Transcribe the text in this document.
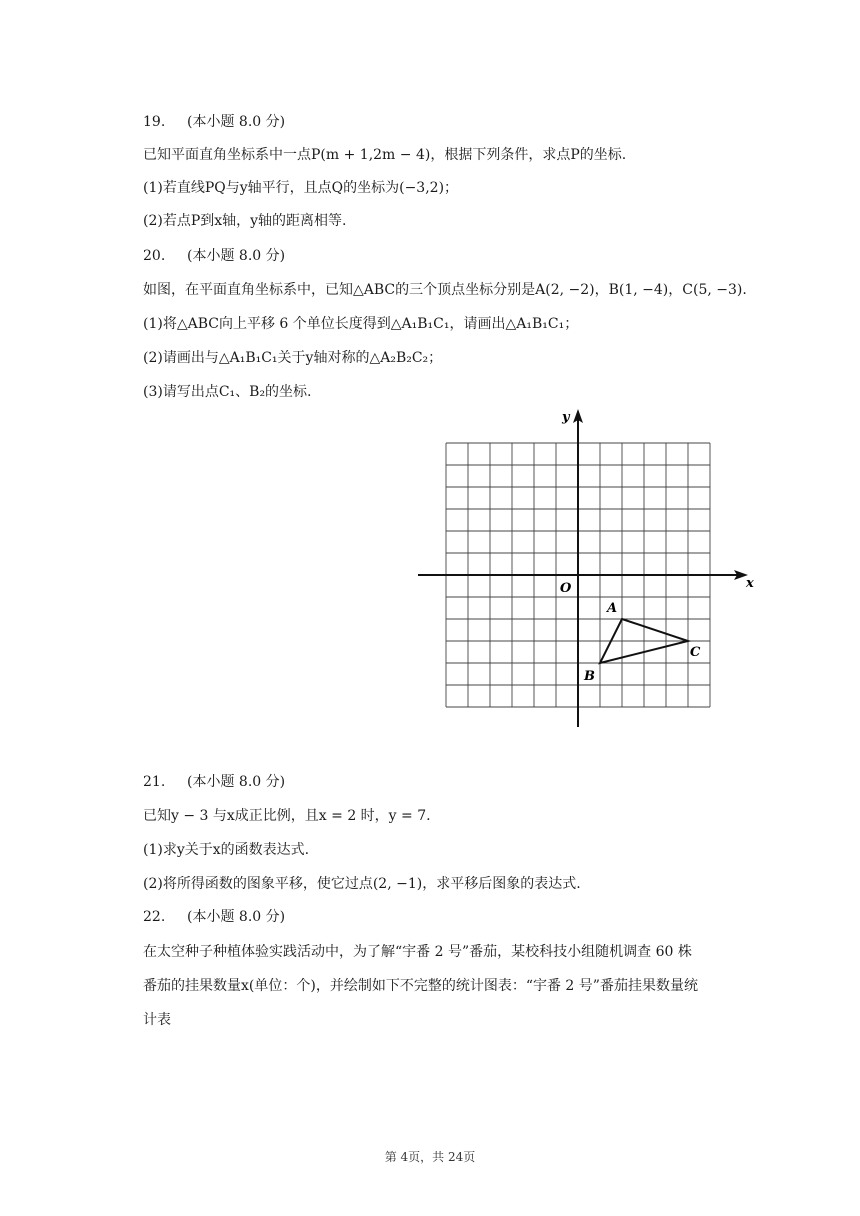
19. (本小题 8.0 分)
已知平面直角坐标系中一点P(m + 1,2m − 4)，根据下列条件，求点P的坐标.
(1)若直线PQ与y轴平行，且点Q的坐标为(−3,2)；
(2)若点P到x轴，y轴的距离相等.
20. (本小题 8.0 分)
如图，在平面直角坐标系中，已知△ABC的三个顶点坐标分别是A(2, −2)，B(1, −4)，C(5, −3).
(1)将△ABC向上平移 6 个单位长度得到△A₁B₁C₁，请画出△A₁B₁C₁；
(2)请画出与△A₁B₁C₁关于y轴对称的△A₂B₂C₂；
(3)请写出点C₁、B₂的坐标.
x
y
O
A
B
C
21. (本小题 8.0 分)
已知y − 3 与x成正比例，且x = 2 时，y = 7.
(1)求y关于x的函数表达式.
(2)将所得函数的图象平移，使它过点(2, −1)，求平移后图象的表达式.
22. (本小题 8.0 分)
在太空种子种植体验实践活动中，为了解“宇番 2 号”番茄，某校科技小组随机调查 60 株
番茄的挂果数量x(单位：个)，并绘制如下不完整的统计图表：“宇番 2 号”番茄挂果数量统
计表
第 4页，共 24页
